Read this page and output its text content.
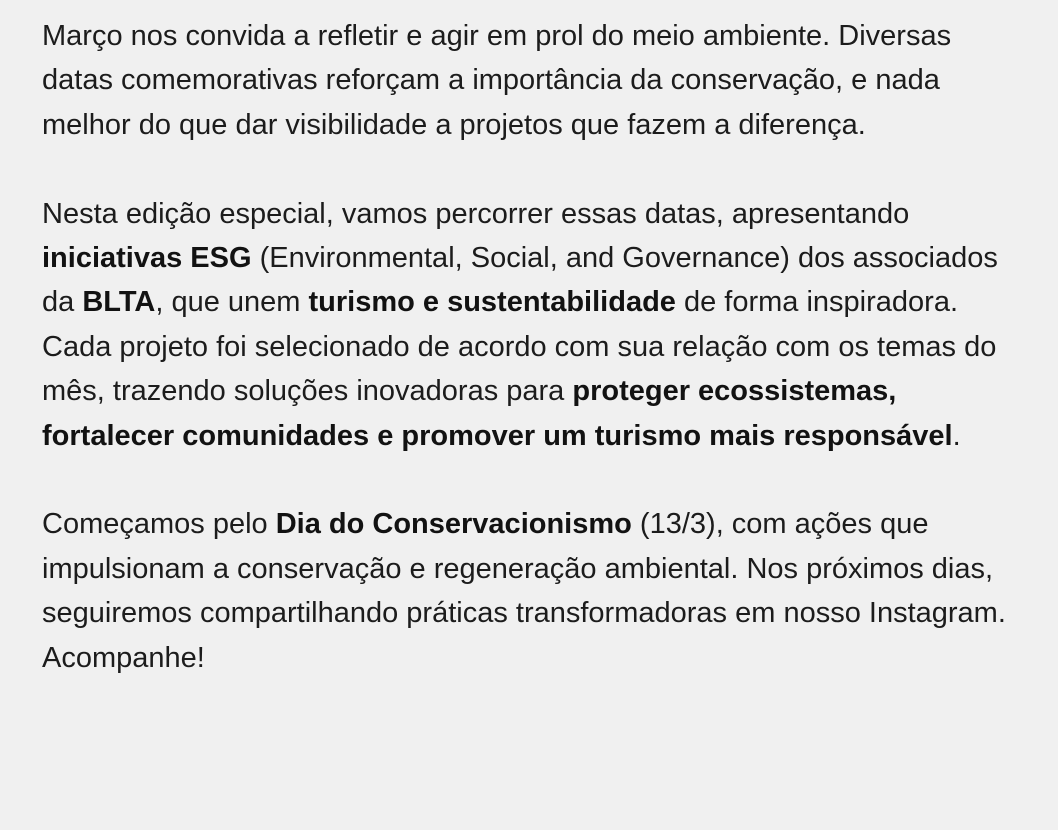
Março nos convida a refletir e agir em prol do meio ambiente. Diversas datas comemorativas reforçam a importância da conservação, e nada melhor do que dar visibilidade a projetos que fazem a diferença.

Nesta edição especial, vamos percorrer essas datas, apresentando iniciativas ESG (Environmental, Social, and Governance) dos associados da BLTA, que unem turismo e sustentabilidade de forma inspiradora. Cada projeto foi selecionado de acordo com sua relação com os temas do mês, trazendo soluções inovadoras para proteger ecossistemas, fortalecer comunidades e promover um turismo mais responsável.

Começamos pelo Dia do Conservacionismo (13/3), com ações que impulsionam a conservação e regeneração ambiental. Nos próximos dias, seguiremos compartilhando práticas transformadoras em nosso Instagram. Acompanhe!
